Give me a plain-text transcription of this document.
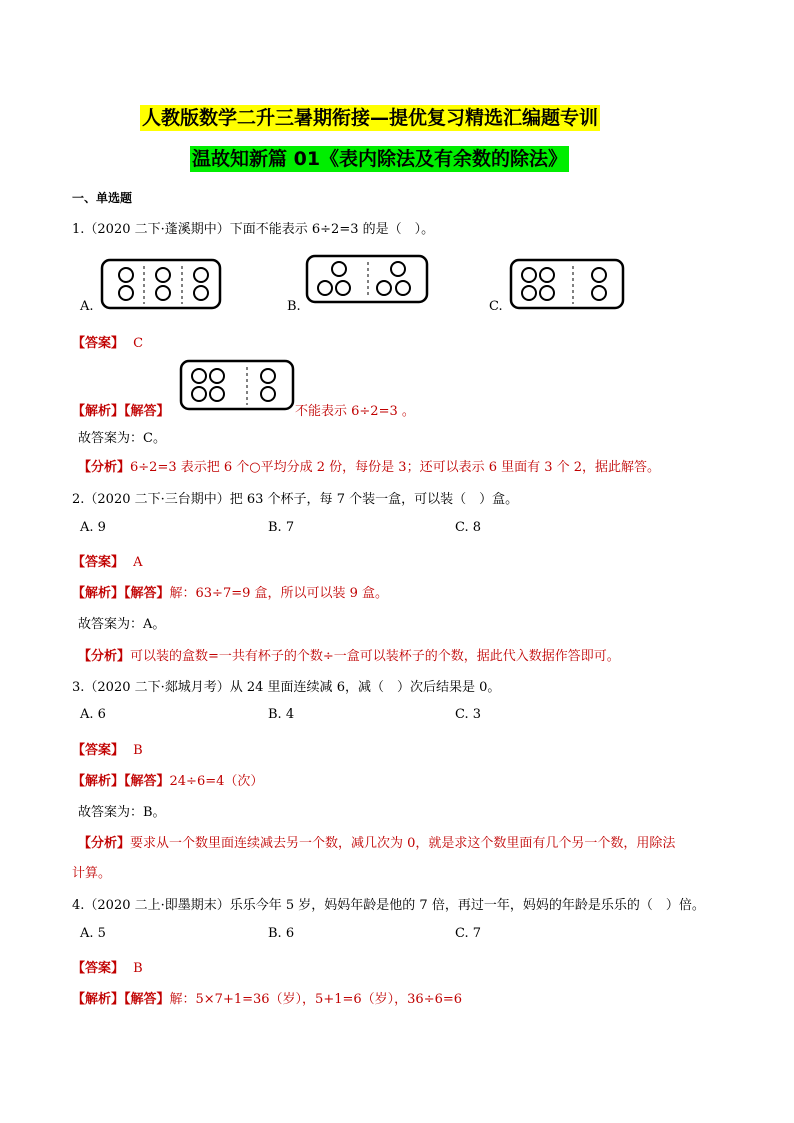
人教版数学二升三暑期衔接—提优复习精选汇编题专训
温故知新篇 01《表内除法及有余数的除法》
一、单选题
1.（2020 二下·蓬溪期中）下面不能表示 6÷2=3 的是（　）。
A.	B.	C.
【答案】 C
【解析】【解答】	不能表示 6÷2=3 。
故答案为：C。
【分析】6÷2=3 表示把 6 个○平均分成 2 份，每份是 3；还可以表示 6 里面有 3 个 2，据此解答。
2.（2020 二下·三台期中）把 63 个杯子，每 7 个装一盒，可以装（　）盒。
A. 9	B. 7	C. 8
【答案】 A
【解析】【解答】解：63÷7=9 盒，所以可以装 9 盒。
故答案为：A。
【分析】可以装的盒数=一共有杯子的个数÷一盒可以装杯子的个数，据此代入数据作答即可。
3.（2020 二下·郯城月考）从 24 里面连续减 6，减（　）次后结果是 0。
A. 6	B. 4	C. 3
【答案】 B
【解析】【解答】24÷6=4（次）
故答案为：B。
【分析】要求从一个数里面连续减去另一个数，减几次为 0，就是求这个数里面有几个另一个数，用除法
计算。
4.（2020 二上·即墨期末）乐乐今年 5 岁，妈妈年龄是他的 7 倍，再过一年，妈妈的年龄是乐乐的（　）倍。
A. 5	B. 6	C. 7
【答案】 B
【解析】【解答】解：5×7+1=36（岁），5+1=6（岁），36÷6=6
